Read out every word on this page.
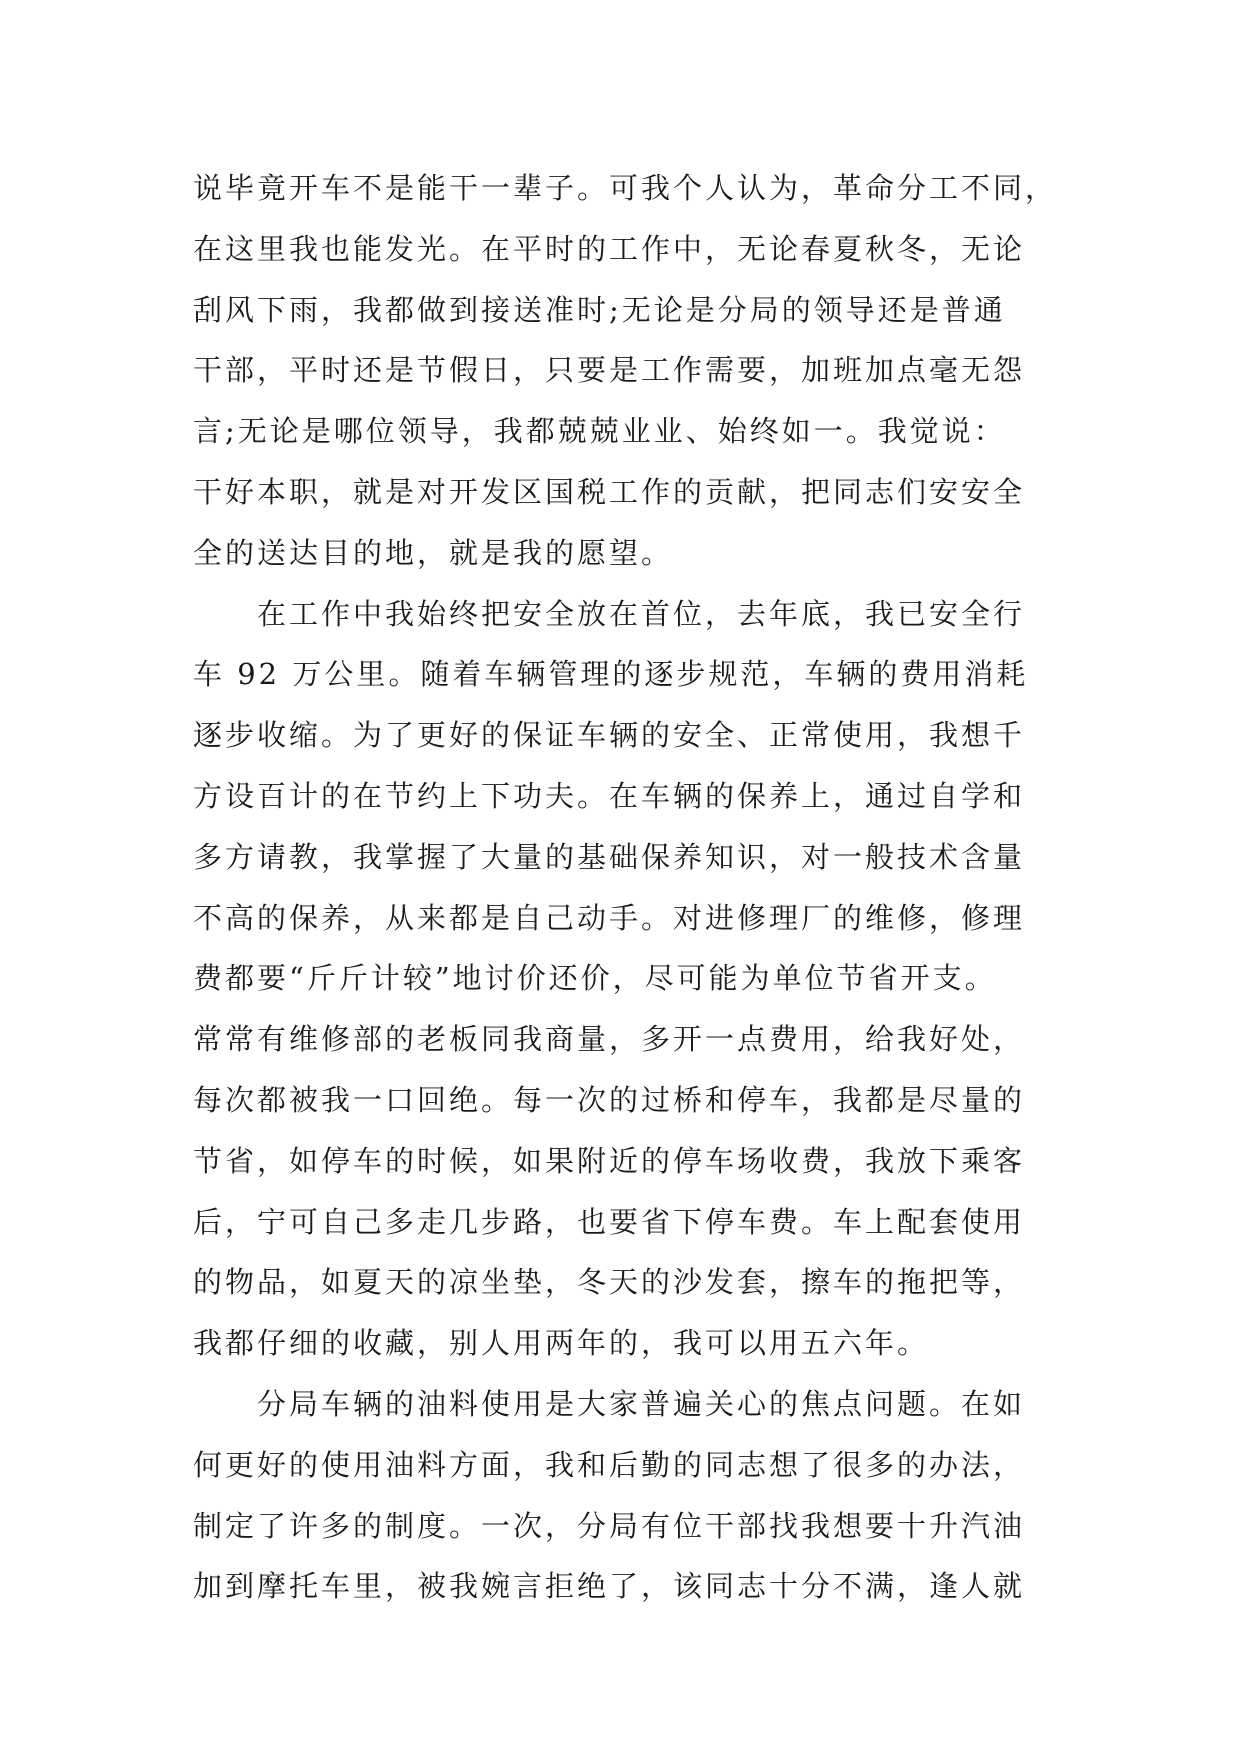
说毕竟开车不是能干一辈子。可我个人认为，革命分工不同，
在这里我也能发光。在平时的工作中，无论春夏秋冬，无论
刮风下雨，我都做到接送准时;无论是分局的领导还是普通
干部，平时还是节假日，只要是工作需要，加班加点毫无怨
言;无论是哪位领导，我都兢兢业业、始终如一。我觉说：
干好本职，就是对开发区国税工作的贡献，把同志们安安全
全的送达目的地，就是我的愿望。
在工作中我始终把安全放在首位，去年底，我已安全行
车 92 万公里。随着车辆管理的逐步规范，车辆的费用消耗
逐步收缩。为了更好的保证车辆的安全、正常使用，我想千
方设百计的在节约上下功夫。在车辆的保养上，通过自学和
多方请教，我掌握了大量的基础保养知识，对一般技术含量
不高的保养，从来都是自己动手。对进修理厂的维修，修理
费都要“斤斤计较”地讨价还价，尽可能为单位节省开支。
常常有维修部的老板同我商量，多开一点费用，给我好处，
每次都被我一口回绝。每一次的过桥和停车，我都是尽量的
节省，如停车的时候，如果附近的停车场收费，我放下乘客
后，宁可自己多走几步路，也要省下停车费。车上配套使用
的物品，如夏天的凉坐垫，冬天的沙发套，擦车的拖把等，
我都仔细的收藏，别人用两年的，我可以用五六年。
分局车辆的油料使用是大家普遍关心的焦点问题。在如
何更好的使用油料方面，我和后勤的同志想了很多的办法，
制定了许多的制度。一次，分局有位干部找我想要十升汽油
加到摩托车里，被我婉言拒绝了，该同志十分不满，逢人就
